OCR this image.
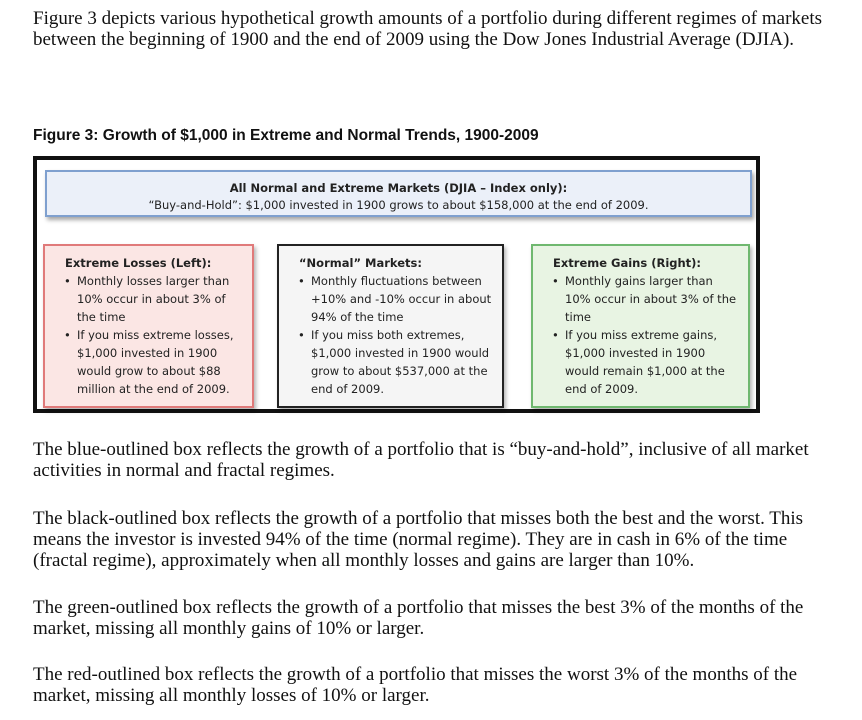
Figure 3 depicts various hypothetical growth amounts of a portfolio during different regimes of markets between the beginning of 1900 and the end of 2009 using the Dow Jones Industrial Average (DJIA).

Figure 3: Growth of $1,000 in Extreme and Normal Trends, 1900-2009
All Normal and Extreme Markets (DJIA – Index only):
“Buy-and-Hold”: $1,000 invested in 1900 grows to about $158,000 at the end of 2009.
Extreme Losses (Left):
• Monthly losses larger than 10% occur in about 3% of the time
• If you miss extreme losses, $1,000 invested in 1900 would grow to about $88 million at the end of 2009.
“Normal” Markets:
• Monthly fluctuations between +10% and -10% occur in about 94% of the time
• If you miss both extremes, $1,000 invested in 1900 would grow to about $537,000 at the end of 2009.
Extreme Gains (Right):
• Monthly gains larger than 10% occur in about 3% of the time
• If you miss extreme gains, $1,000 invested in 1900 would remain $1,000 at the end of 2009.

The blue-outlined box reflects the growth of a portfolio that is “buy-and-hold”, inclusive of all market activities in normal and fractal regimes.

The black-outlined box reflects the growth of a portfolio that misses both the best and the worst. This means the investor is invested 94% of the time (normal regime). They are in cash in 6% of the time (fractal regime), approximately when all monthly losses and gains are larger than 10%.

The green-outlined box reflects the growth of a portfolio that misses the best 3% of the months of the market, missing all monthly gains of 10% or larger.

The red-outlined box reflects the growth of a portfolio that misses the worst 3% of the months of the market, missing all monthly losses of 10% or larger.
